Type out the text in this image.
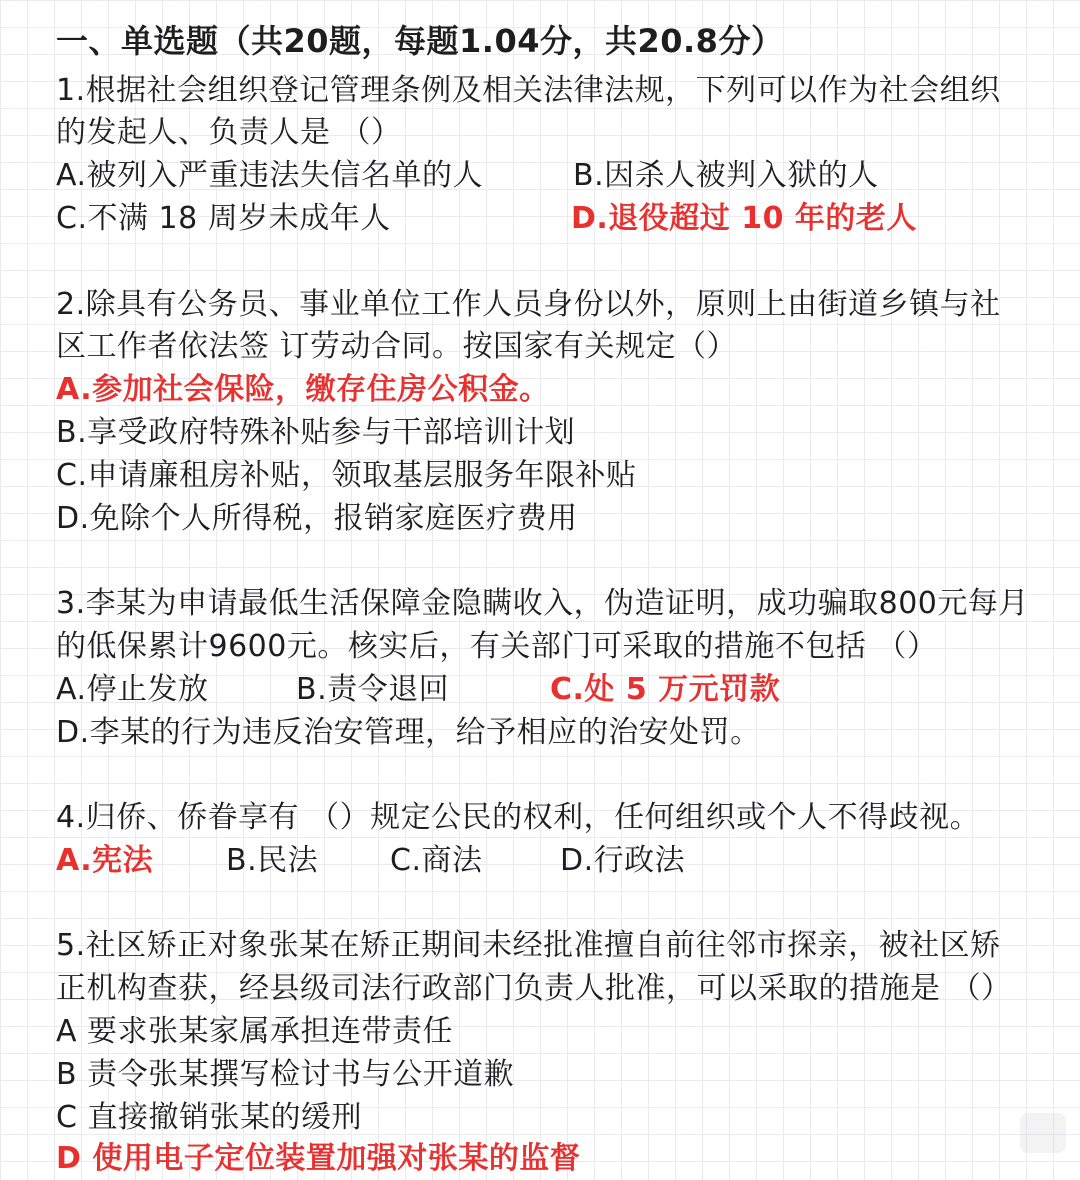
一、单选题（共20题，每题1.04分，共20.8分）
1.根据社会组织登记管理条例及相关法律法规，下列可以作为社会组织
的发起人、负责人是 （）
A.被列入严重违法失信名单的人	B.因杀人被判入狱的人
C.不满 18 周岁未成年人	D.退役超过 10 年的老人
2.除具有公务员、事业单位工作人员身份以外，原则上由街道乡镇与社
区工作者依法签 订劳动合同。按国家有关规定（）
A.参加社会保险，缴存住房公积金。
B.享受政府特殊补贴参与干部培训计划
C.申请廉租房补贴，领取基层服务年限补贴
D.免除个人所得税，报销家庭医疗费用
3.李某为申请最低生活保障金隐瞒收入，伪造证明，成功骗取800元每月
的低保累计9600元。核实后，有关部门可采取的措施不包括 （）
A.停止发放	B.责令退回	C.处 5 万元罚款
D.李某的行为违反治安管理，给予相应的治安处罚。
4.归侨、侨眷享有 （）规定公民的权利，任何组织或个人不得歧视。
A.宪法 B.民法 C.商法	D.行政法
5.社区矫正对象张某在矫正期间未经批准擅自前往邻市探亲，被社区矫
正机构查获，经县级司法行政部门负责人批准，可以采取的措施是 （）
A 要求张某家属承担连带责任
B 责令张某撰写检讨书与公开道歉
C 直接撤销张某的缓刑
D 使用电子定位装置加强对张某的监督
